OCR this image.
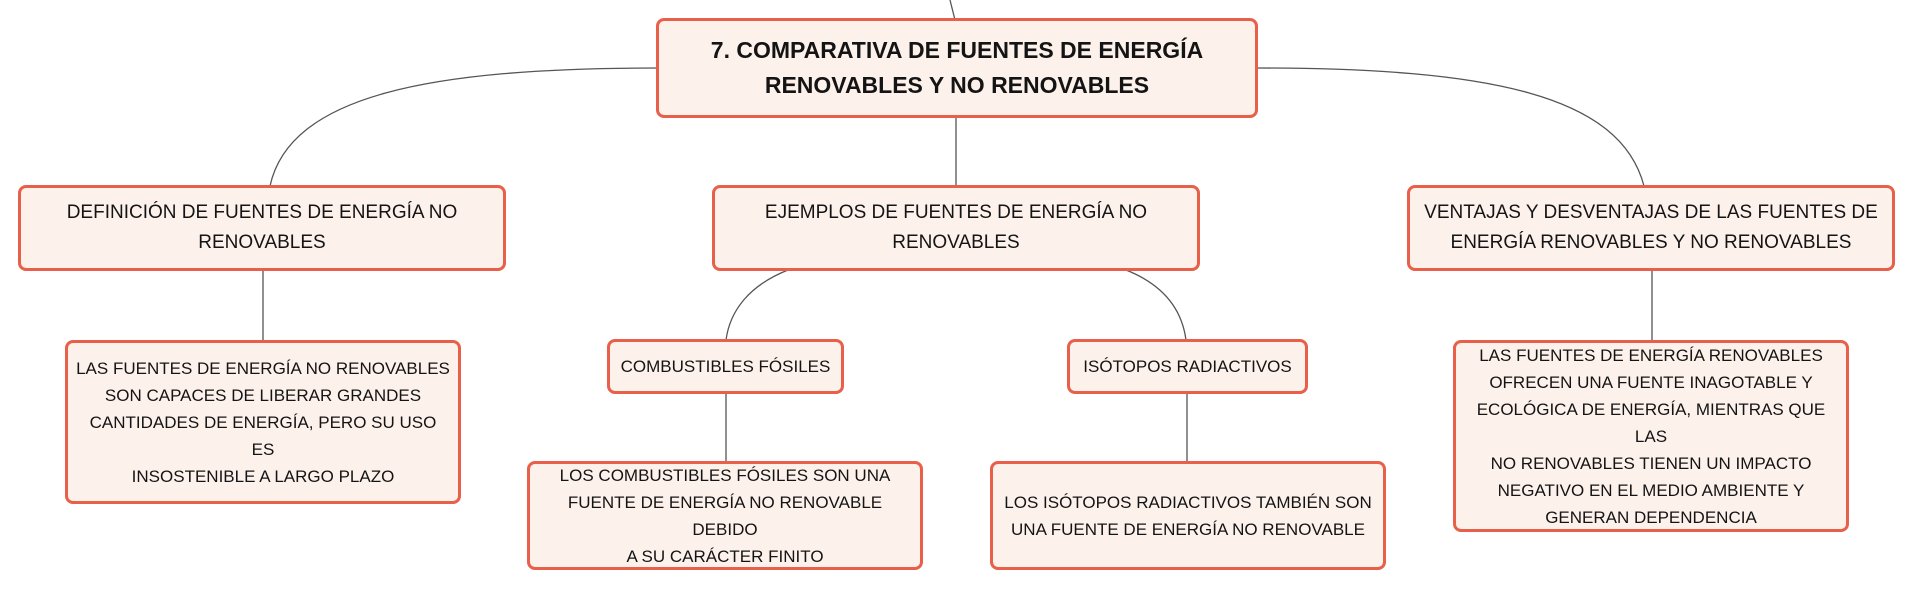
7. COMPARATIVA DE FUENTES DE ENERGÍA
RENOVABLES Y NO RENOVABLES
DEFINICIÓN DE FUENTES DE ENERGÍA NO
RENOVABLES
EJEMPLOS DE FUENTES DE ENERGÍA NO
RENOVABLES
VENTAJAS Y DESVENTAJAS DE LAS FUENTES DE
ENERGÍA RENOVABLES Y NO RENOVABLES
LAS FUENTES DE ENERGÍA NO RENOVABLES
SON CAPACES DE LIBERAR GRANDES
CANTIDADES DE ENERGÍA, PERO SU USO ES
INSOSTENIBLE A LARGO PLAZO
COMBUSTIBLES FÓSILES	ISÓTOPOS RADIACTIVOS
LOS COMBUSTIBLES FÓSILES SON UNA
FUENTE DE ENERGÍA NO RENOVABLE DEBIDO
A SU CARÁCTER FINITO
LOS ISÓTOPOS RADIACTIVOS TAMBIÉN SON
UNA FUENTE DE ENERGÍA NO RENOVABLE
LAS FUENTES DE ENERGÍA RENOVABLES
OFRECEN UNA FUENTE INAGOTABLE Y
ECOLÓGICA DE ENERGÍA, MIENTRAS QUE LAS
NO RENOVABLES TIENEN UN IMPACTO
NEGATIVO EN EL MEDIO AMBIENTE Y
GENERAN DEPENDENCIA
